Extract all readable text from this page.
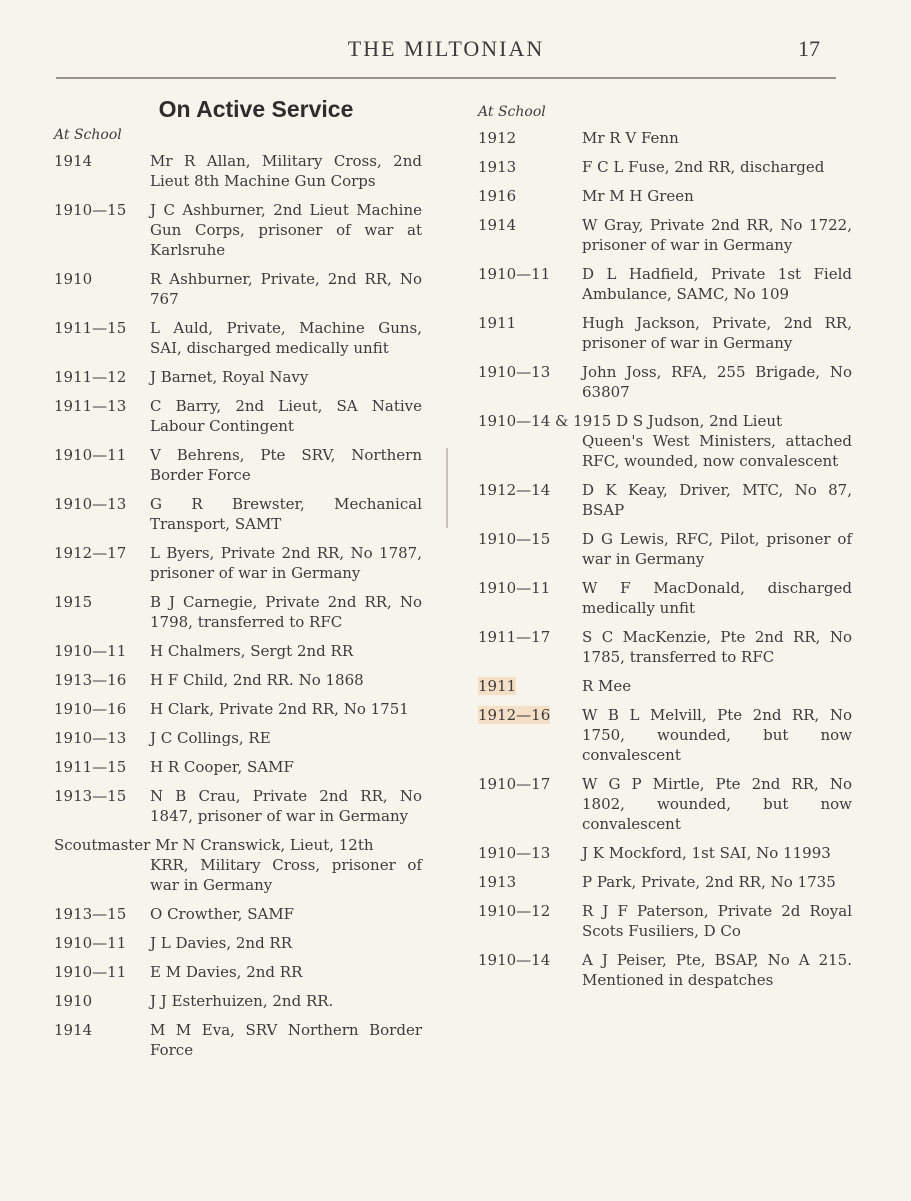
THE MILTONIAN	17
On Active Service
At School
1914	Mr R Allan, Military Cross, 2nd Lieut 8th Machine Gun Corps
1910—15	J C Ashburner, 2nd Lieut Machine Gun Corps, prisoner of war at Karlsruhe
1910	R Ashburner, Private, 2nd RR, No 767
1911—15	L Auld, Private, Machine Guns, SAI, discharged medically unfit
1911—12	J Barnet, Royal Navy
1911—13	C Barry, 2nd Lieut, SA Native Labour Contingent
1910—11	V Behrens, Pte SRV, Northern Border Force
1910—13	G R Brewster, Mechanical Transport, SAMT
1912—17	L Byers, Private 2nd RR, No 1787, prisoner of war in Germany
1915	B J Carnegie, Private 2nd RR, No 1798, transferred to RFC
1910—11	H Chalmers, Sergt 2nd RR
1913—16	H F Child, 2nd RR. No 1868
1910—16	H Clark, Private 2nd RR, No 1751
1910—13	J C Collings, RE
1911—15	H R Cooper, SAMF
1913—15	N B Crau, Private 2nd RR, No 1847, prisoner of war in Germany
Scoutmaster Mr N Cranswick, Lieut, 12th
KRR, Military Cross, prisoner of war in Germany
1913—15	O Crowther, SAMF
1910—11	J L Davies, 2nd RR
1910—11	E M Davies, 2nd RR
1910	J J Esterhuizen, 2nd RR.
1914	M M Eva, SRV Northern Border Force
At School
1912	Mr R V Fenn
1913	F C L Fuse, 2nd RR, discharged
1916	Mr M H Green
1914	W Gray, Private 2nd RR, No 1722, prisoner of war in Germany
1910—11	D L Hadfield, Private 1st Field Ambulance, SAMC, No 109
1911	Hugh Jackson, Private, 2nd RR, prisoner of war in Germany
1910—13	John Joss, RFA, 255 Brigade, No 63807
1910—14 & 1915 D S Judson, 2nd Lieut
Queen's West Ministers, attached RFC, wounded, now convalescent
1912—14	D K Keay, Driver, MTC, No 87, BSAP
1910—15	D G Lewis, RFC, Pilot, prisoner of war in Germany
1910—11	W F MacDonald, discharged medically unfit
1911—17	S C MacKenzie, Pte 2nd RR, No 1785, transferred to RFC
1911	R Mee
1912—16	W B L Melvill, Pte 2nd RR, No 1750, wounded, but now convalescent
1910—17	W G P Mirtle, Pte 2nd RR, No 1802, wounded, but now convalescent
1910—13	J K Mockford, 1st SAI, No 11993
1913	P Park, Private, 2nd RR, No 1735
1910—12	R J F Paterson, Private 2d Royal Scots Fusiliers, D Co
1910—14	A J Peiser, Pte, BSAP, No A 215. Mentioned in despatches
